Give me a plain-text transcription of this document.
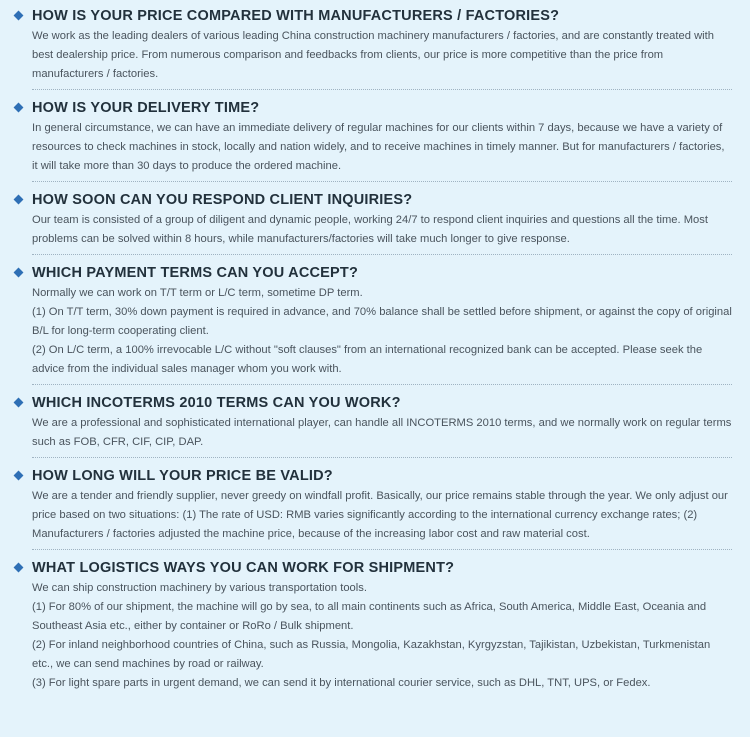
HOW IS YOUR PRICE COMPARED WITH MANUFACTURERS / FACTORIES?

We work as the leading dealers of various leading China construction machinery manufacturers / factories, and are constantly treated with best dealership price. From numerous comparison and feedbacks from clients, our price is more competitive than the price from manufacturers / factories.

HOW IS YOUR DELIVERY TIME?

In general circumstance, we can have an immediate delivery of regular machines for our clients within 7 days, because we have a variety of resources to check machines in stock, locally and nation widely, and to receive machines in timely manner. But for manufacturers / factories, it will take more than 30 days to produce the ordered machine.

HOW SOON CAN YOU RESPOND CLIENT INQUIRIES?

Our team is consisted of a group of diligent and dynamic people, working 24/7 to respond client inquiries and questions all the time. Most problems can be solved within 8 hours, while manufacturers/factories will take much longer to give response.

WHICH PAYMENT TERMS CAN YOU ACCEPT?

Normally we can work on T/T term or L/C term, sometime DP term.

(1) On T/T term, 30% down payment is required in advance, and 70% balance shall be settled before shipment, or against the copy of original B/L for long-term cooperating client.

(2) On L/C term, a 100% irrevocable L/C without "soft clauses" from an international recognized bank can be accepted. Please seek the advice from the individual sales manager whom you work with.

WHICH INCOTERMS 2010 TERMS CAN YOU WORK?

We are a professional and sophisticated international player, can handle all INCOTERMS 2010 terms, and we normally work on regular terms such as FOB, CFR, CIF, CIP, DAP.

HOW LONG WILL YOUR PRICE BE VALID?

We are a tender and friendly supplier, never greedy on windfall profit. Basically, our price remains stable through the year. We only adjust our price based on two situations: (1) The rate of USD: RMB varies significantly according to the international currency exchange rates; (2) Manufacturers / factories adjusted the machine price, because of the increasing labor cost and raw material cost.

WHAT LOGISTICS WAYS YOU CAN WORK FOR SHIPMENT?

We can ship construction machinery by various transportation tools.

(1) For 80% of our shipment, the machine will go by sea, to all main continents such as Africa, South America, Middle East, Oceania and Southeast Asia etc., either by container or RoRo / Bulk shipment.

(2) For inland neighborhood countries of China, such as Russia, Mongolia, Kazakhstan, Kyrgyzstan, Tajikistan, Uzbekistan, Turkmenistan etc., we can send machines by road or railway.

(3) For light spare parts in urgent demand, we can send it by international courier service, such as DHL, TNT, UPS, or Fedex.
